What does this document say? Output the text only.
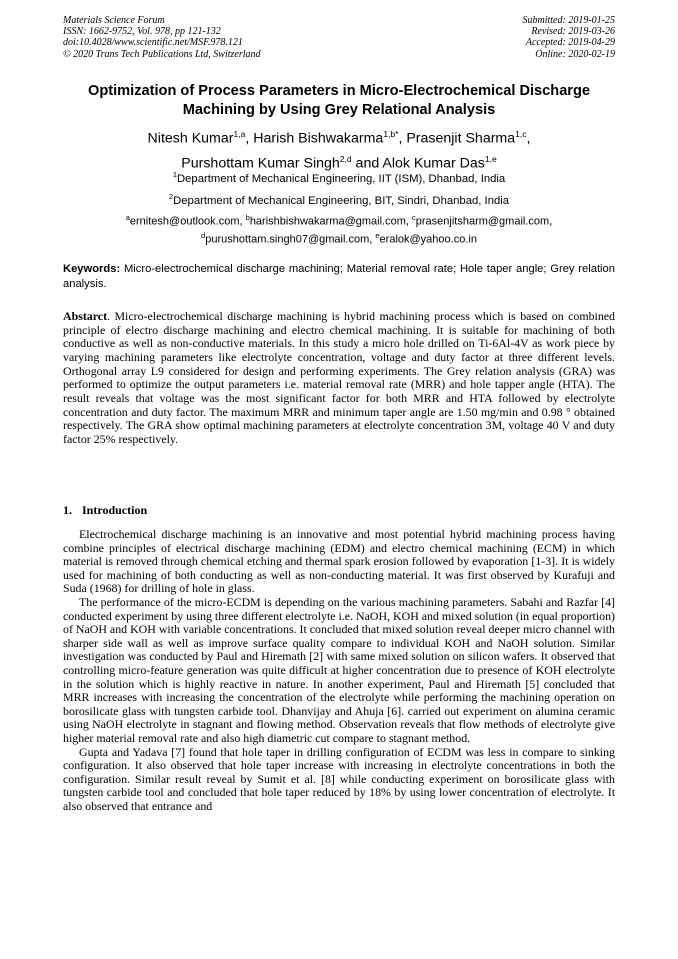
Materials Science Forum
ISSN: 1662-9752, Vol. 978, pp 121-132
doi:10.4028/www.scientific.net/MSF.978.121
© 2020 Trans Tech Publications Ltd, Switzerland
Submitted: 2019-01-25
Revised: 2019-03-26
Accepted: 2019-04-29
Online: 2020-02-19
Optimization of Process Parameters in Micro-Electrochemical Discharge
Machining by Using Grey Relational Analysis
Nitesh Kumar$^{1,a}$, Harish Bishwakarma$^{1,b*}$, Prasenjit Sharma$^{1,c}$,
Purshottam Kumar Singh$^{2,d}$ and Alok Kumar Das$^{1,e}$
$^1$Department of Mechanical Engineering, IIT (ISM), Dhanbad, India
$^2$Department of Mechanical Engineering, BIT, Sindri, Dhanbad, India
$^a$ernitesh@outlook.com, $^b$harishbishwakarma@gmail.com, $^c$prasenjitsharm@gmail.com,
$^d$purushottam.singh07@gmail.com, $^e$eralok@yahoo.co.in
Keywords: Micro-electrochemical discharge machining; Material removal rate; Hole taper angle; Grey relation analysis.
Abstarct. Micro-electrochemical discharge machining is hybrid machining process which is based on combined principle of electro discharge machining and electro chemical machining. It is suitable for machining of both conductive as well as non-conductive materials. In this study a micro hole drilled on Ti-6Al-4V as work piece by varying machining parameters like electrolyte concentration, voltage and duty factor at three different levels. Orthogonal array L9 considered for design and performing experiments. The Grey relation analysis (GRA) was performed to optimize the output parameters i.e. material removal rate (MRR) and hole tapper angle (HTA). The result reveals that voltage was the most significant factor for both MRR and HTA followed by electrolyte concentration and duty factor. The maximum MRR and minimum taper angle are 1.50 mg/min and 0.98 ° obtained respectively. The GRA show optimal machining parameters at electrolyte concentration 3M, voltage 40 V and duty factor 25% respectively.
1. Introduction

Electrochemical discharge machining is an innovative and most potential hybrid machining process having combine principles of electrical discharge machining (EDM) and electro chemical machining (ECM) in which material is removed through chemical etching and thermal spark erosion followed by evaporation [1-3]. It is widely used for machining of both conducting as well as non-conducting material. It was first observed by Kurafuji and Suda (1968) for drilling of hole in glass.

The performance of the micro-ECDM is depending on the various machining parameters. Sabahi and Razfar [4] conducted experiment by using three different electrolyte i.e. NaOH, KOH and mixed solution (in equal proportion) of NaOH and KOH with variable concentrations. It concluded that mixed solution reveal deeper micro channel with sharper side wall as well as improve surface quality compare to individual KOH and NaOH solution. Similar investigation was conducted by Paul and Hiremath [2] with same mixed solution on silicon wafers. It observed that controlling micro-feature generation was quite difficult at higher concentration due to presence of KOH electrolyte in the solution which is highly reactive in nature. In another experiment, Paul and Hiremath [5] concluded that MRR increases with increasing the concentration of the electrolyte while performing the machining operation on borosilicate glass with tungsten carbide tool. Dhanvijay and Ahuja [6]. carried out experiment on alumina ceramic using NaOH electrolyte in stagnant and flowing method. Observation reveals that flow methods of electrolyte give higher material removal rate and also high diametric cut compare to stagnant method.

Gupta and Yadava [7] found that hole taper in drilling configuration of ECDM was less in compare to sinking configuration. It also observed that hole taper increase with increasing in electrolyte concentrations in both the configuration. Similar result reveal by Sumit et al. [8] while conducting experiment on borosilicate glass with tungsten carbide tool and concluded that hole taper reduced by 18% by using lower concentration of electrolyte. It also observed that entrance and
